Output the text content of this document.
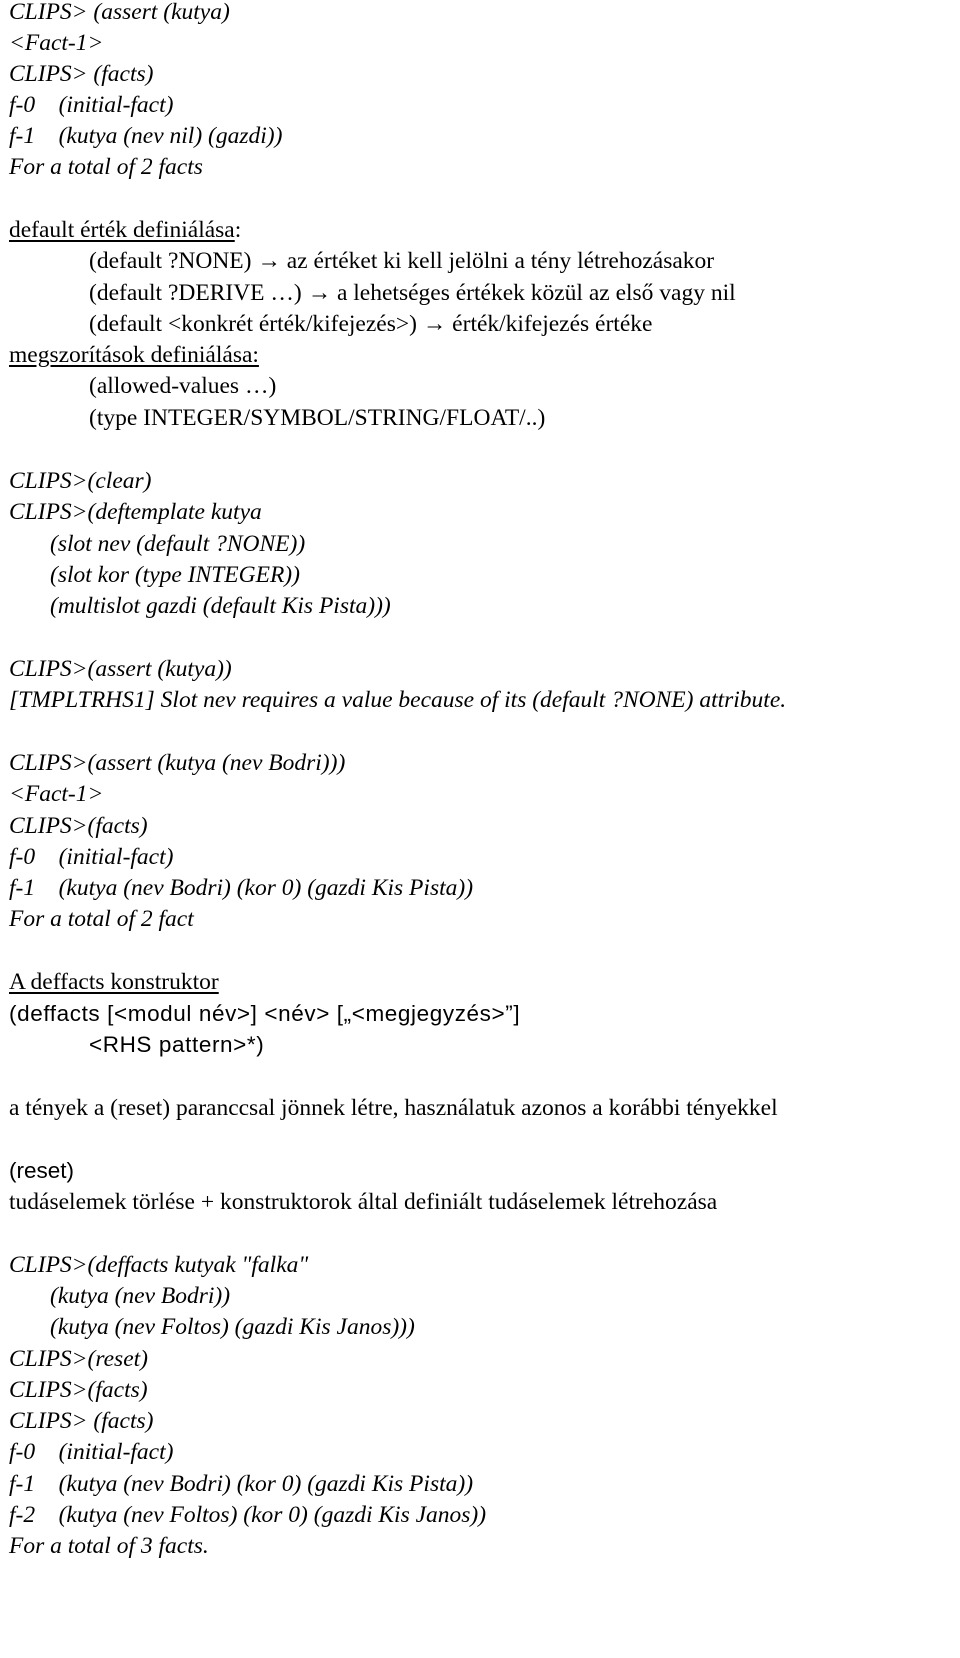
CLIPS> (assert (kutya)
<Fact-1>
CLIPS> (facts)
f-0    (initial-fact)
f-1    (kutya (nev nil) (gazdi))
For a total of 2 facts
default érték definiálása:
(default ?NONE) → az értéket ki kell jelölni a tény létrehozásakor
(default ?DERIVE …) → a lehetséges értékek közül az első vagy nil
(default <konkrét érték/kifejezés>) → érték/kifejezés értéke
megszorítások definiálása:
(allowed-values …)
(type INTEGER/SYMBOL/STRING/FLOAT/..)
CLIPS>(clear)
CLIPS>(deftemplate kutya
(slot nev (default ?NONE))
(slot kor (type INTEGER))
(multislot gazdi (default Kis Pista)))
CLIPS>(assert (kutya))
[TMPLTRHS1] Slot nev requires a value because of its (default ?NONE) attribute.
CLIPS>(assert (kutya (nev Bodri)))
<Fact-1>
CLIPS>(facts)
f-0    (initial-fact)
f-1    (kutya (nev Bodri) (kor 0) (gazdi Kis Pista))
For a total of 2 fact
A deffacts konstruktor
(deffacts [<modul név>] <név> [„<megjegyzés>”]
<RHS pattern>*)
a tények a (reset) paranccsal jönnek létre, használatuk azonos a korábbi tényekkel
(reset)
tudáselemek törlése + konstruktorok által definiált tudáselemek létrehozása
CLIPS>(deffacts kutyak "falka"
(kutya (nev Bodri))
(kutya (nev Foltos) (gazdi Kis Janos)))
CLIPS>(reset)
CLIPS>(facts)
CLIPS> (facts)
f-0    (initial-fact)
f-1    (kutya (nev Bodri) (kor 0) (gazdi Kis Pista))
f-2    (kutya (nev Foltos) (kor 0) (gazdi Kis Janos))
For a total of 3 facts.
